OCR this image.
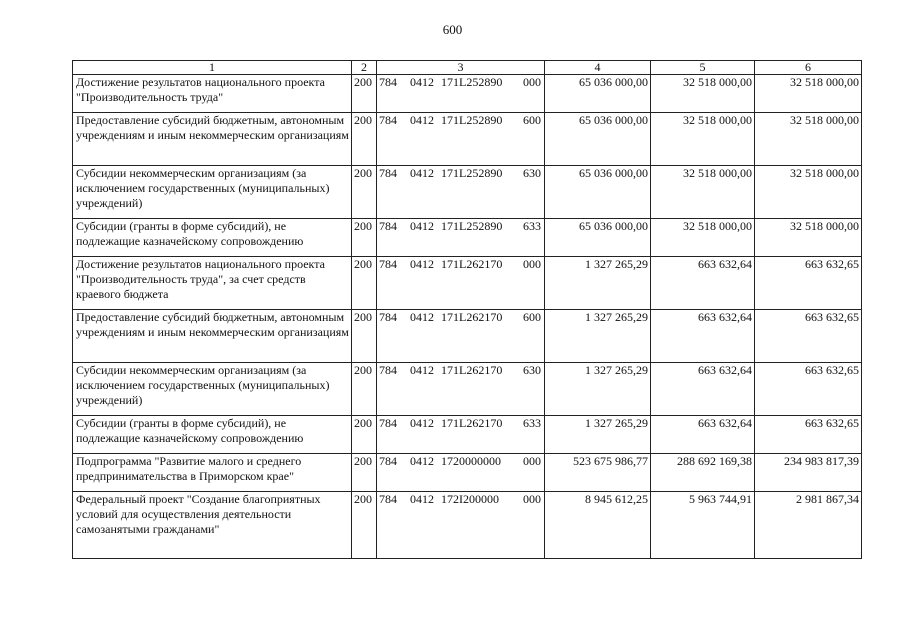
600
1	2	3	4	5	6
Достижение результатов национального проекта "Производительность труда"	200	784 0412 171L252890 000	65 036 000,00	32 518 000,00	32 518 000,00
Предоставление субсидий бюджетным, автономным учреждениям и иным некоммерческим организациям	200	784 0412 171L252890 600	65 036 000,00	32 518 000,00	32 518 000,00
Субсидии некоммерческим организациям (за исключением государственных (муниципальных) учреждений)	200	784 0412 171L252890 630	65 036 000,00	32 518 000,00	32 518 000,00
Субсидии (гранты в форме субсидий), не подлежащие казначейскому сопровождению	200	784 0412 171L252890 633	65 036 000,00	32 518 000,00	32 518 000,00
Достижение результатов национального проекта "Производительность труда", за счет средств краевого бюджета	200	784 0412 171L262170 000	1 327 265,29	663 632,64	663 632,65
Предоставление субсидий бюджетным, автономным учреждениям и иным некоммерческим организациям	200	784 0412 171L262170 600	1 327 265,29	663 632,64	663 632,65
Субсидии некоммерческим организациям (за исключением государственных (муниципальных) учреждений)	200	784 0412 171L262170 630	1 327 265,29	663 632,64	663 632,65
Субсидии (гранты в форме субсидий), не подлежащие казначейскому сопровождению	200	784 0412 171L262170 633	1 327 265,29	663 632,64	663 632,65
Подпрограмма "Развитие малого и среднего предпринимательства в Приморском крае"	200	784 0412 1720000000 000	523 675 986,77	288 692 169,38	234 983 817,39
Федеральный проект "Создание благоприятных условий для осуществления деятельности самозанятыми гражданами"	200	784 0412 172I200000 000	8 945 612,25	5 963 744,91	2 981 867,34
